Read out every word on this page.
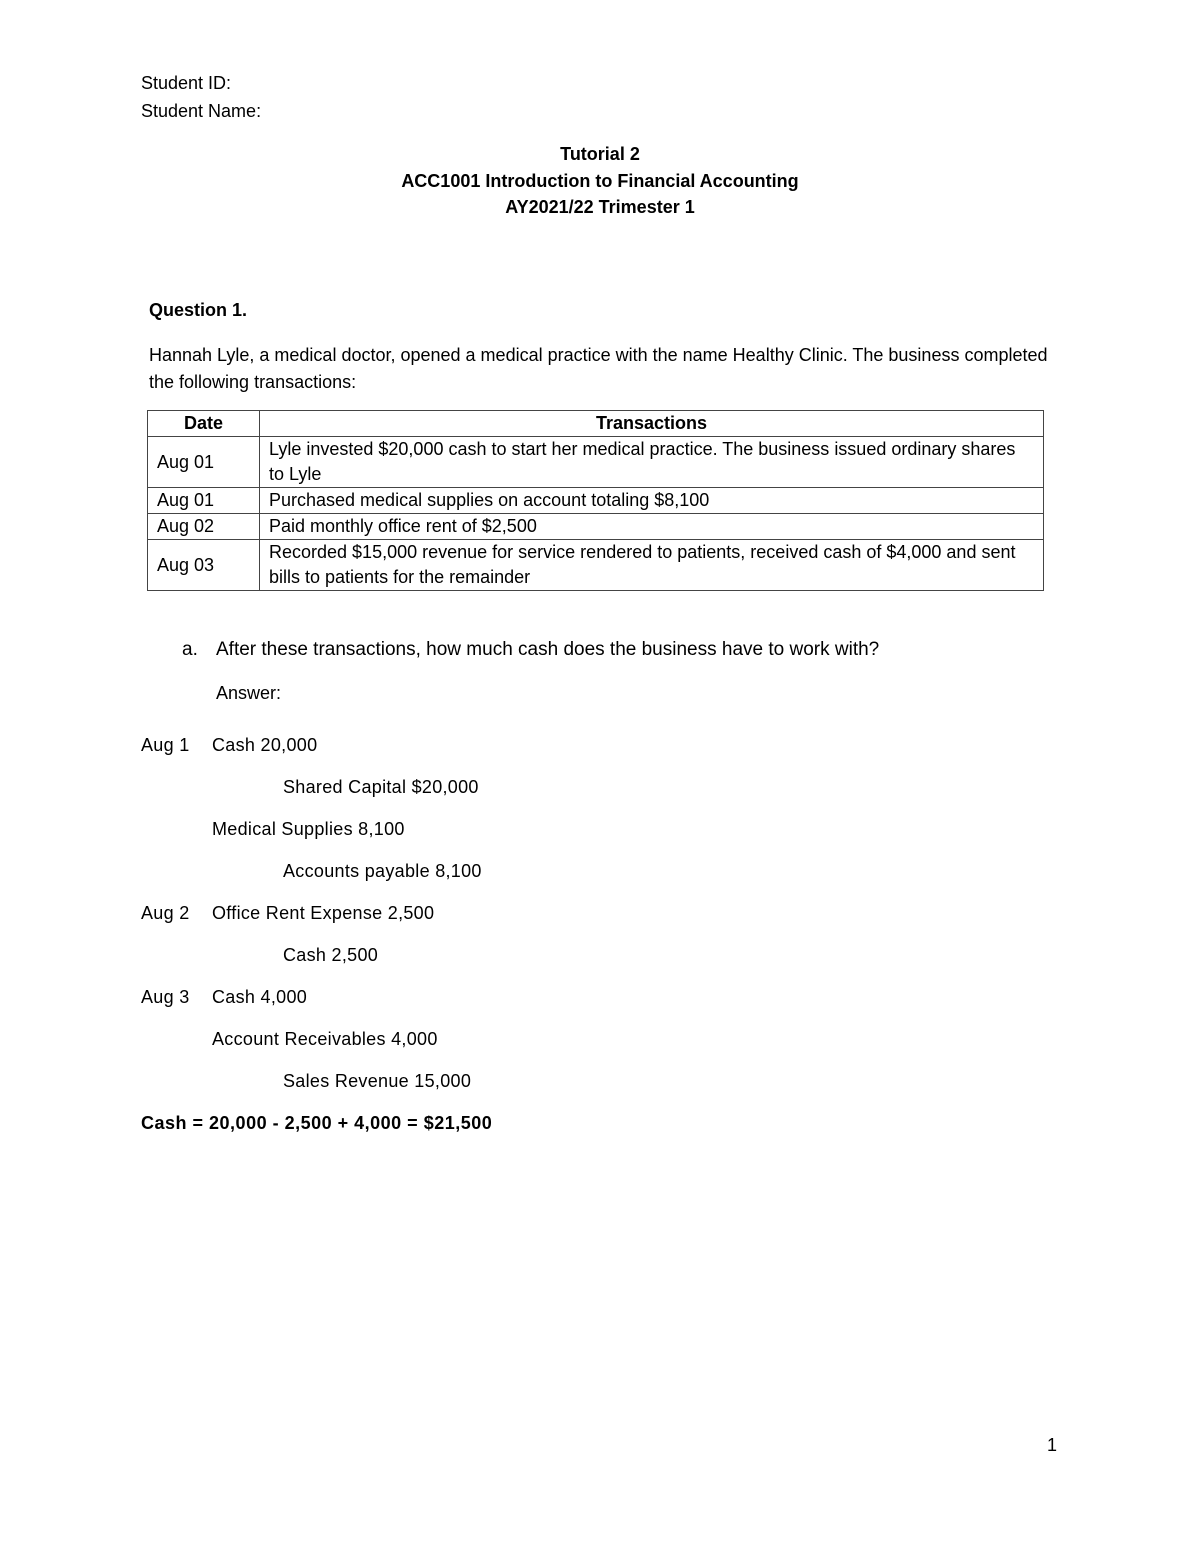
Student ID:
Student Name:
Tutorial 2
ACC1001 Introduction to Financial Accounting
AY2021/22 Trimester 1
Question 1.
Hannah Lyle, a medical doctor, opened a medical practice with the name Healthy Clinic. The business completed the following transactions:
Date	Transactions
Aug 01	Lyle invested $20,000 cash to start her medical practice. The business issued ordinary shares to Lyle
Aug 01	Purchased medical supplies on account totaling $8,100
Aug 02	Paid monthly office rent of $2,500
Aug 03	Recorded $15,000 revenue for service rendered to patients, received cash of $4,000 and sent bills to patients for the remainder
a. After these transactions, how much cash does the business have to work with?
Answer:
Aug 1 Cash 20,000
Shared Capital $20,000
Medical Supplies 8,100
Accounts payable 8,100
Aug 2 Office Rent Expense 2,500
Cash 2,500
Aug 3 Cash 4,000
Account Receivables 4,000
Sales Revenue 15,000
Cash = 20,000 - 2,500 + 4,000 = $21,500
1
